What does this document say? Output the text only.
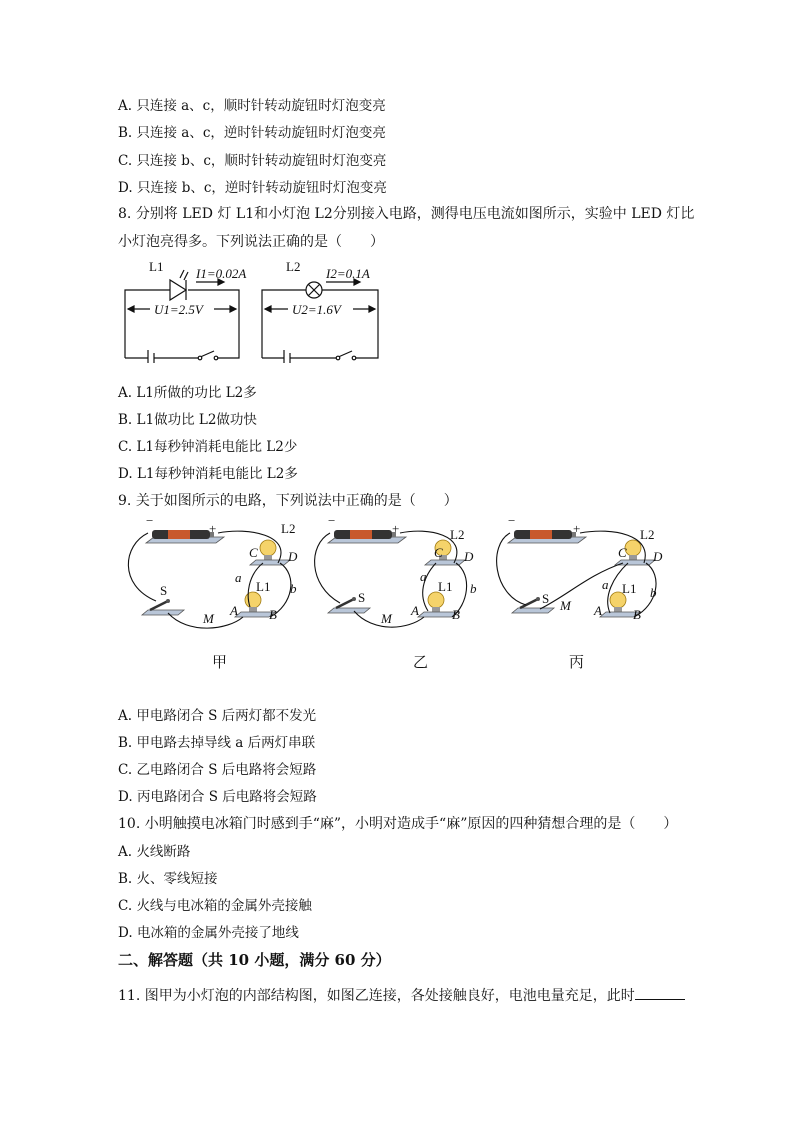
A. 只连接 a、c，顺时针转动旋钮时灯泡变亮
B. 只连接 a、c，逆时针转动旋钮时灯泡变亮
C. 只连接 b、c，顺时针转动旋钮时灯泡变亮
D. 只连接 b、c，逆时针转动旋钮时灯泡变亮
8. 分别将 LED 灯 L1和小灯泡 L2分别接入电路，测得电压电流如图所示，实验中 LED 灯比
小灯泡亮得多。下列说法正确的是（　　）
L1	I1=0.02A
U1=2.5V
L2 I2=0.1A
U2=1.6V
A. L1所做的功比 L2多
B. L1做功比 L2做功快
C. L1每秒钟消耗电能比 L2少
D. L1每秒钟消耗电能比 L2多
9. 关于如图所示的电路，下列说法中正确的是（　　）
−
+	L2
C D
a
b
L1
A B
S
M
甲
−
+	L2
C D
a
b
L1
A	B
S
M
乙
−
+	L2
C D
a
b
L1
A B
S M
丙
A. 甲电路闭合 S 后两灯都不发光
B. 甲电路去掉导线 a 后两灯串联
C. 乙电路闭合 S 后电路将会短路
D. 丙电路闭合 S 后电路将会短路
10. 小明触摸电冰箱门时感到手“麻”，小明对造成手“麻”原因的四种猜想合理的是（　　）
A. 火线断路
B. 火、零线短接
C. 火线与电冰箱的金属外壳接触
D. 电冰箱的金属外壳接了地线
二、解答题（共 10 小题，满分 60 分）
11. 图甲为小灯泡的内部结构图，如图乙连接，各处接触良好，电池电量充足，此时
